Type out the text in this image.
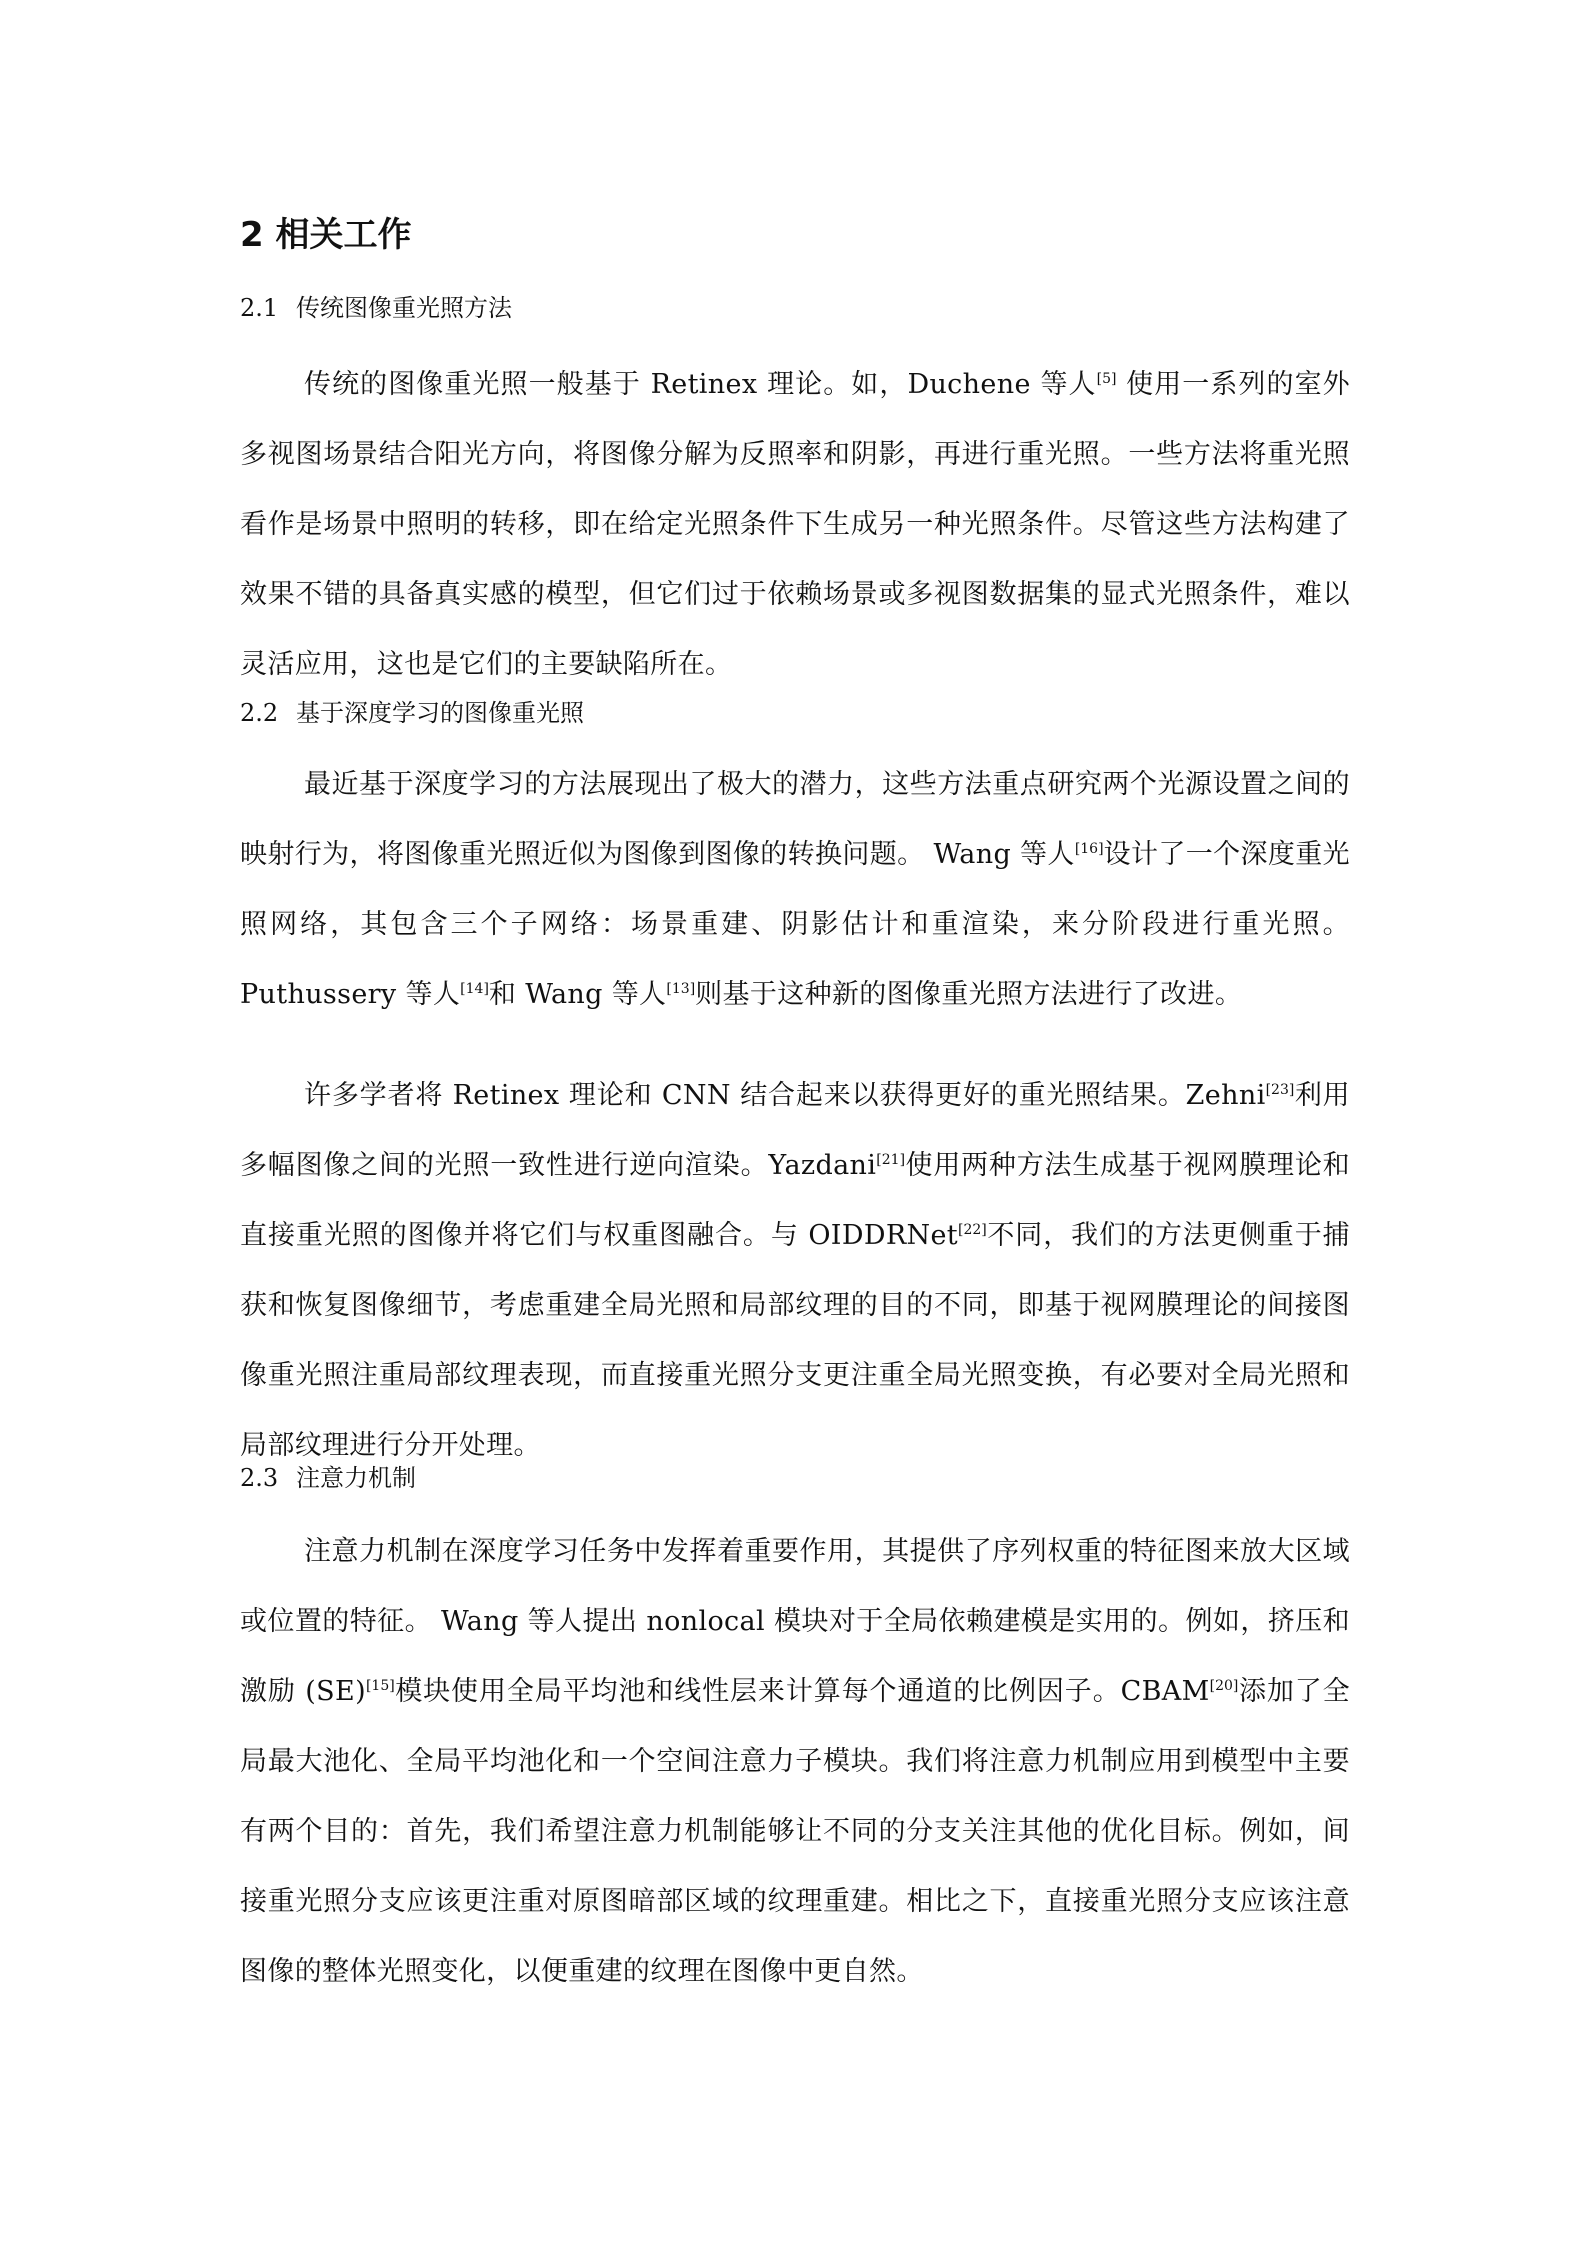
2 相关工作
2.1 传统图像重光照方法

传统的图像重光照一般基于 Retinex 理论。如，Duchene 等人[5] 使用一系列的室外多视图场景结合阳光方向，将图像分解为反照率和阴影，再进行重光照。一些方法将重光照看作是场景中照明的转移，即在给定光照条件下生成另一种光照条件。尽管这些方法构建了效果不错的具备真实感的模型，但它们过于依赖场景或多视图数据集的显式光照条件，难以灵活应用，这也是它们的主要缺陷所在。

2.2 基于深度学习的图像重光照

最近基于深度学习的方法展现出了极大的潜力，这些方法重点研究两个光源设置之间的映射行为，将图像重光照近似为图像到图像的转换问题。 Wang 等人[16]设计了一个深度重光照网络，其包含三个子网络：场景重建、阴影估计和重渲染，来分阶段进行重光照。Puthussery 等人[14]和 Wang 等人[13]则基于这种新的图像重光照方法进行了改进。

许多学者将 Retinex 理论和 CNN 结合起来以获得更好的重光照结果。Zehni[23]利用多幅图像之间的光照一致性进行逆向渲染。Yazdani[21]使用两种方法生成基于视网膜理论和直接重光照的图像并将它们与权重图融合。与 OIDDRNet[22]不同，我们的方法更侧重于捕获和恢复图像细节，考虑重建全局光照和局部纹理的目的不同，即基于视网膜理论的间接图像重光照注重局部纹理表现，而直接重光照分支更注重全局光照变换，有必要对全局光照和局部纹理进行分开处理。

2.3 注意力机制

注意力机制在深度学习任务中发挥着重要作用，其提供了序列权重的特征图来放大区域或位置的特征。 Wang 等人提出 nonlocal 模块对于全局依赖建模是实用的。例如，挤压和激励 (SE)[15]模块使用全局平均池和线性层来计算每个通道的比例因子。CBAM[20]添加了全局最大池化、全局平均池化和一个空间注意力子模块。我们将注意力机制应用到模型中主要有两个目的：首先，我们希望注意力机制能够让不同的分支关注其他的优化目标。例如，间接重光照分支应该更注重对原图暗部区域的纹理重建。相比之下，直接重光照分支应该注意图像的整体光照变化，以便重建的纹理在图像中更自然。
